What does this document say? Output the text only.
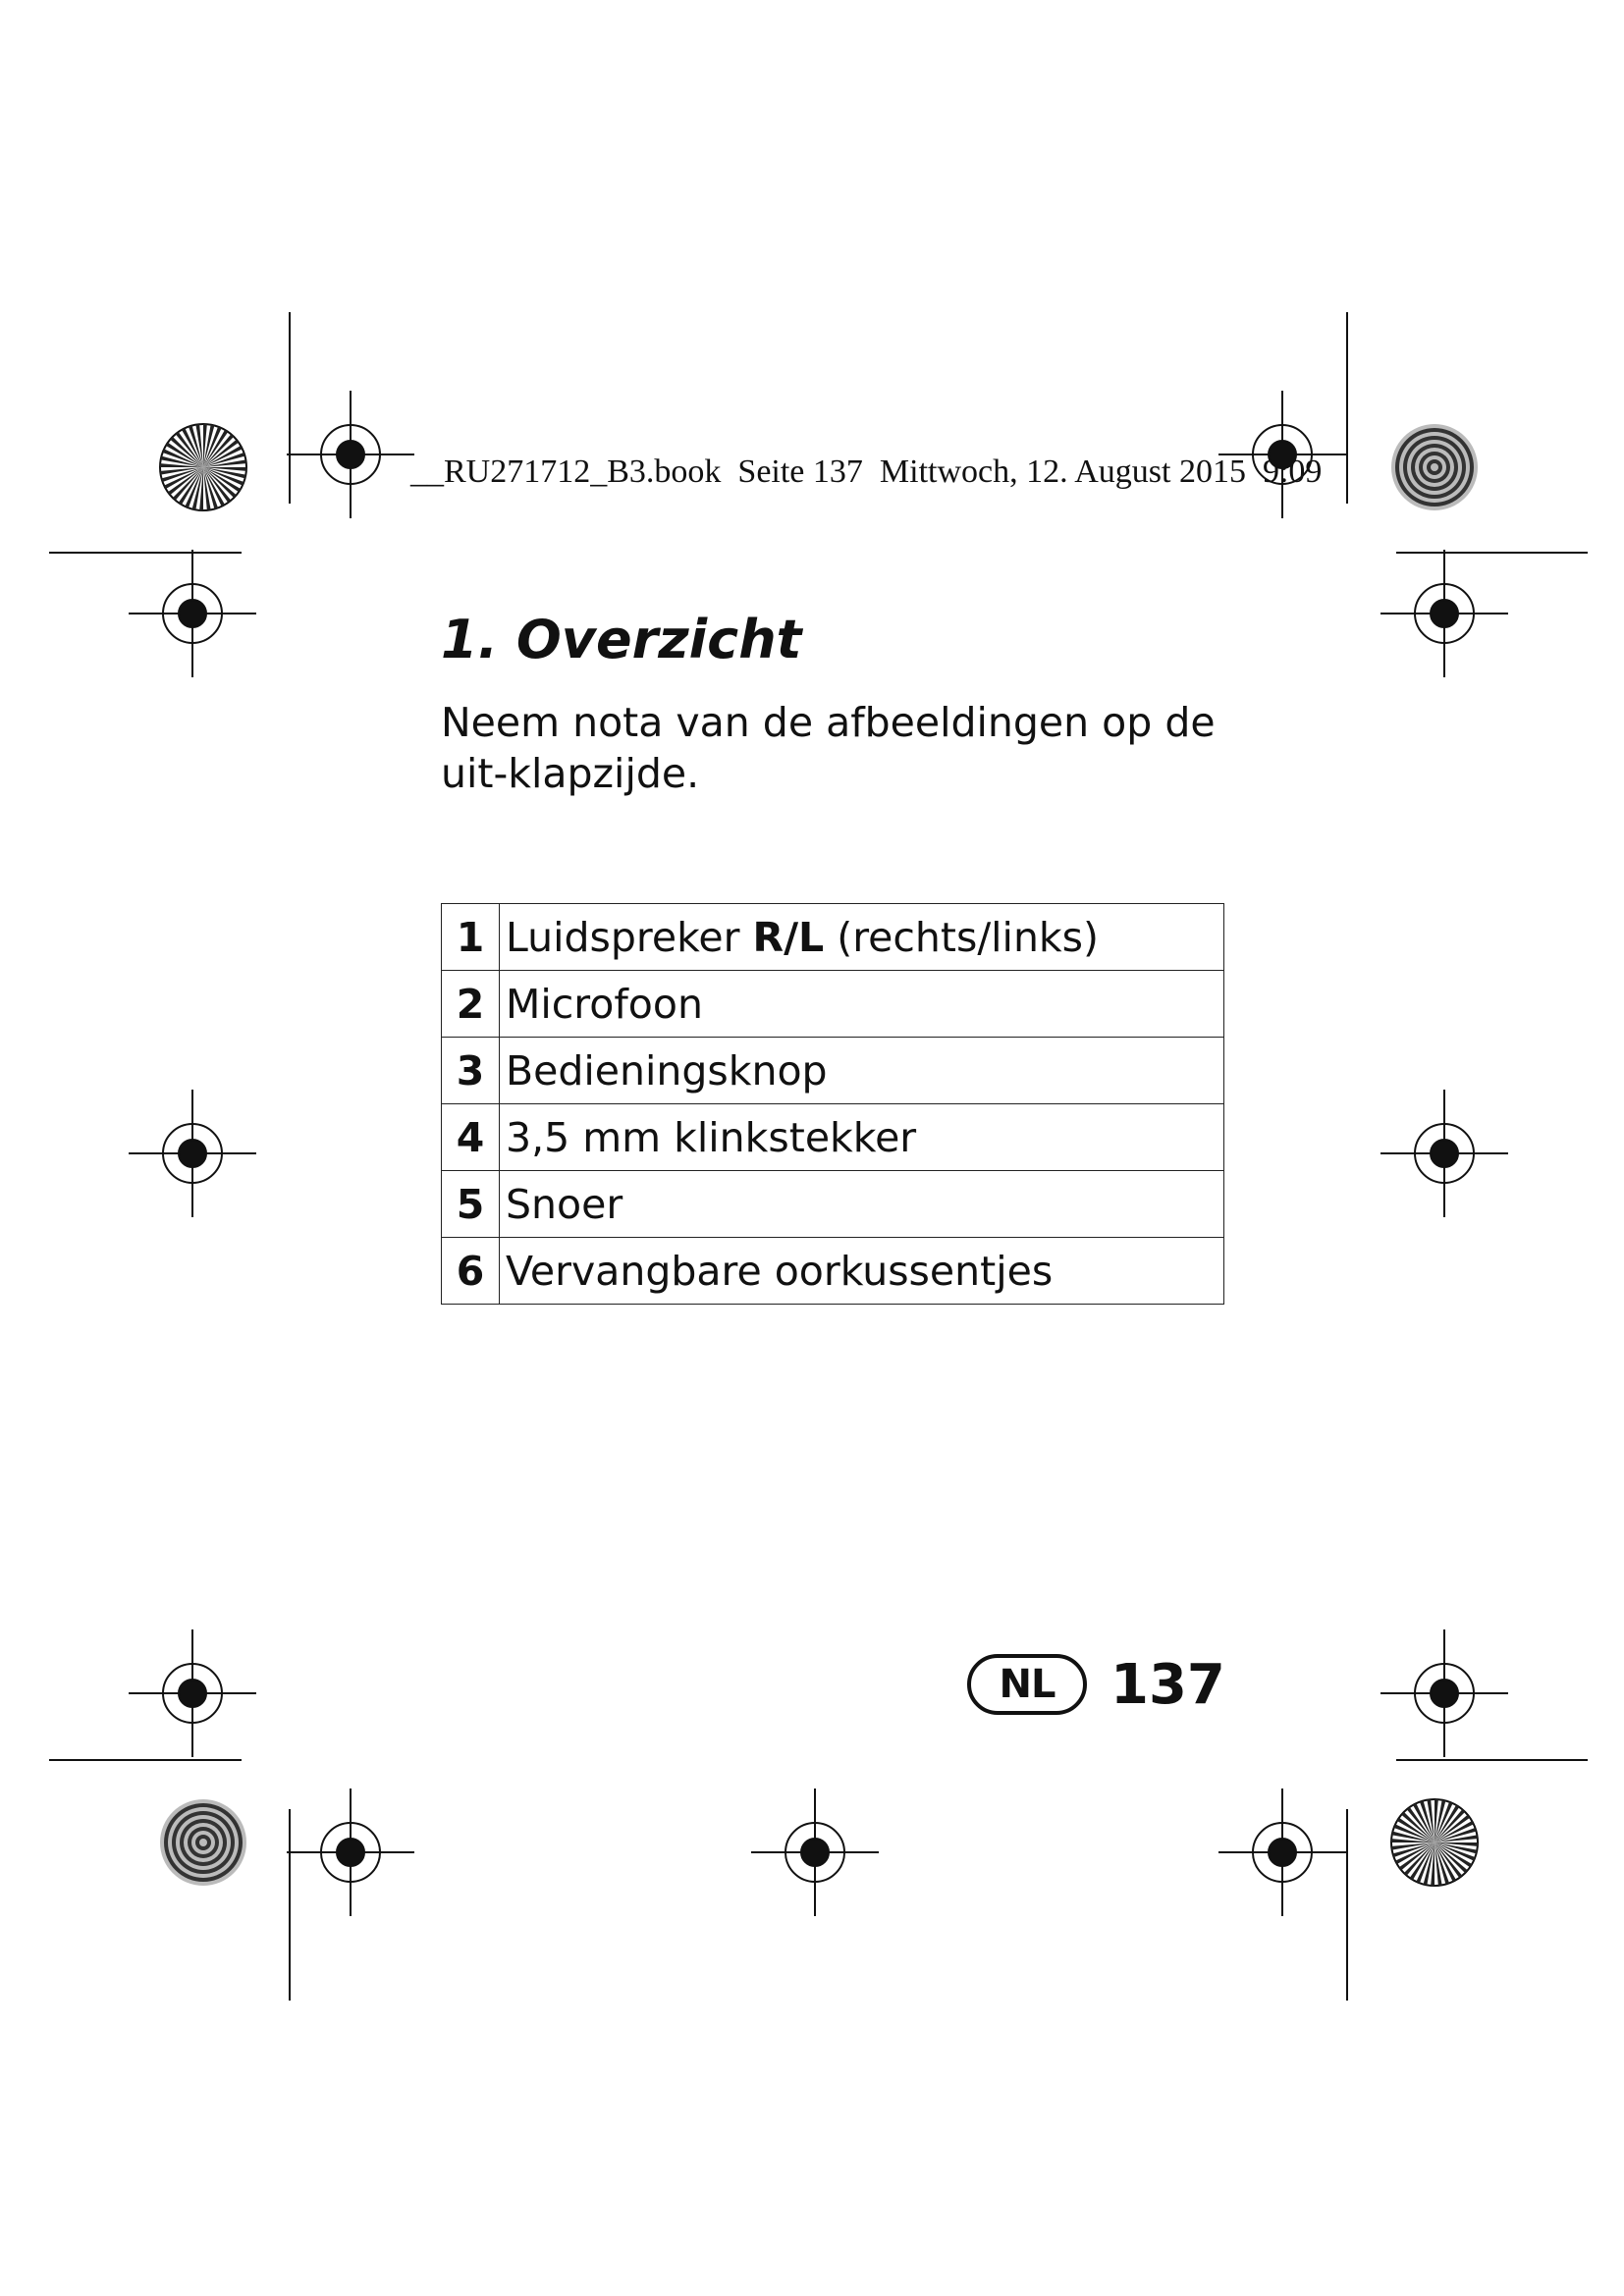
__RU271712_B3.book  Seite 137  Mittwoch, 12. August 2015  9:09
1. Overzicht

Neem nota van de afbeeldingen op de uit-klapzijde.

1	Luidspreker R/L (rechts/links)
2	Microfoon
3	Bedieningsknop
4	3,5 mm klinkstekker
5	Snoer
6	Vervangbare oorkussentjes
NL	137
